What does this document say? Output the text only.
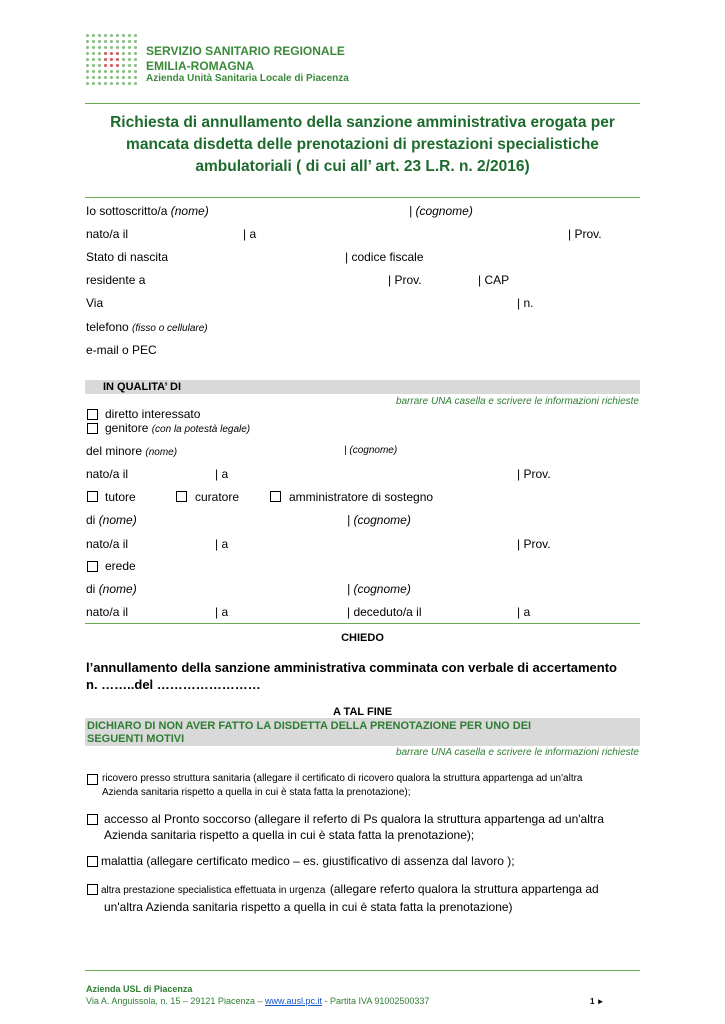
SERVIZIO SANITARIO REGIONALE
EMILIA-ROMAGNA
Azienda Unità Sanitaria Locale di Piacenza
Richiesta di annullamento della sanzione amministrativa erogata per
mancata disdetta delle prenotazioni di prestazioni specialistiche
ambulatoriali ( di cui all’ art. 23 L.R. n. 2/2016)
Io sottoscritto/a (nome)	| (cognome)
nato/a il	| a	| Prov.
Stato di nascita	| codice fiscale
residente a	| Prov.	| CAP
Via	| n.
telefono (fisso o cellulare)
e-mail o PEC
IN QUALITA’ DI
barrare UNA casella e scrivere le informazioni richieste
diretto interessato
genitore (con la potestà legale)
del minore (nome)	| (cognome)
nato/a il	| a	| Prov.
tutore	curatore	amministratore di sostegno
di (nome)	| (cognome)
nato/a il	| a	| Prov.
erede
di (nome)	| (cognome)
nato/a il	| a	| deceduto/a il	| a
CHIEDO
l’annullamento della sanzione amministrativa comminata con verbale di accertamento
n. ……..del ……………………
A TAL FINE
DICHIARO DI NON AVER FATTO LA DISDETTA DELLA PRENOTAZIONE PER UNO DEI
SEGUENTI MOTIVI
barrare UNA casella e scrivere le informazioni richieste
ricovero presso struttura sanitaria (allegare il certificato di ricovero qualora la struttura appartenga ad un'altra
Azienda sanitaria rispetto a quella in cui è stata fatta la prenotazione);
accesso al Pronto soccorso (allegare il referto di Ps qualora la struttura appartenga ad un'altra
Azienda sanitaria rispetto a quella in cui è stata fatta la prenotazione);
malattia (allegare certificato medico – es. giustificativo di assenza dal lavoro );
altra prestazione specialistica effettuata in urgenza (allegare referto qualora la struttura appartenga ad
un'altra Azienda sanitaria rispetto a quella in cui è stata fatta la prenotazione)
Azienda USL di Piacenza
Via A. Anguissola, n. 15 – 29121 Piacenza – www.ausl.pc.it - Partita IVA 91002500337	1 ►
